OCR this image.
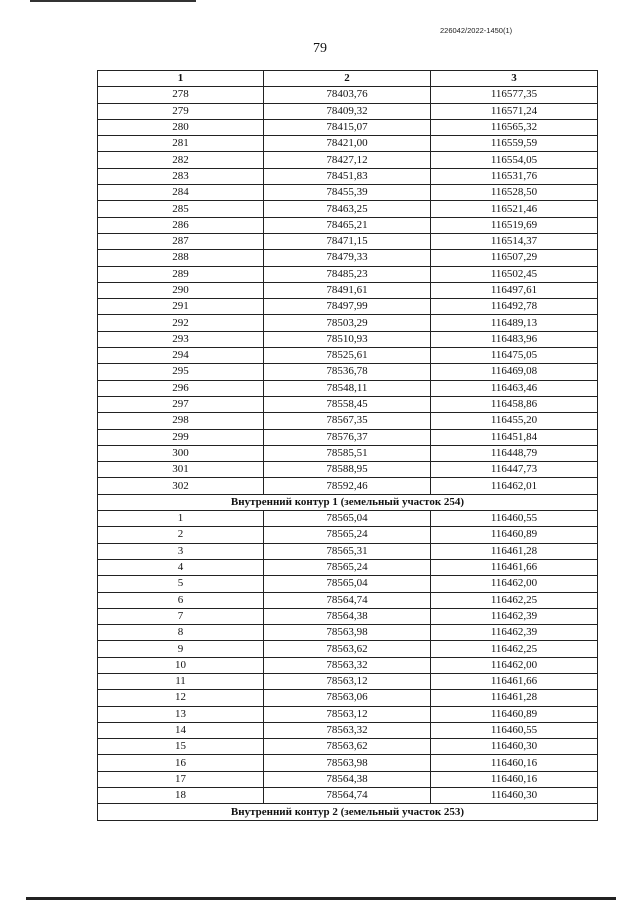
226042/2022-1450(1)
79
1	2	3
278	78403,76	116577,35
279	78409,32	116571,24
280	78415,07	116565,32
281	78421,00	116559,59
282	78427,12	116554,05
283	78451,83	116531,76
284	78455,39	116528,50
285	78463,25	116521,46
286	78465,21	116519,69
287	78471,15	116514,37
288	78479,33	116507,29
289	78485,23	116502,45
290	78491,61	116497,61
291	78497,99	116492,78
292	78503,29	116489,13
293	78510,93	116483,96
294	78525,61	116475,05
295	78536,78	116469,08
296	78548,11	116463,46
297	78558,45	116458,86
298	78567,35	116455,20
299	78576,37	116451,84
300	78585,51	116448,79
301	78588,95	116447,73
302	78592,46	116462,01
Внутренний контур 1 (земельный участок 254)		
1	78565,04	116460,55
2	78565,24	116460,89
3	78565,31	116461,28
4	78565,24	116461,66
5	78565,04	116462,00
6	78564,74	116462,25
7	78564,38	116462,39
8	78563,98	116462,39
9	78563,62	116462,25
10	78563,32	116462,00
11	78563,12	116461,66
12	78563,06	116461,28
13	78563,12	116460,89
14	78563,32	116460,55
15	78563,62	116460,30
16	78563,98	116460,16
17	78564,38	116460,16
18	78564,74	116460,30
Внутренний контур 2 (земельный участок 253)		
